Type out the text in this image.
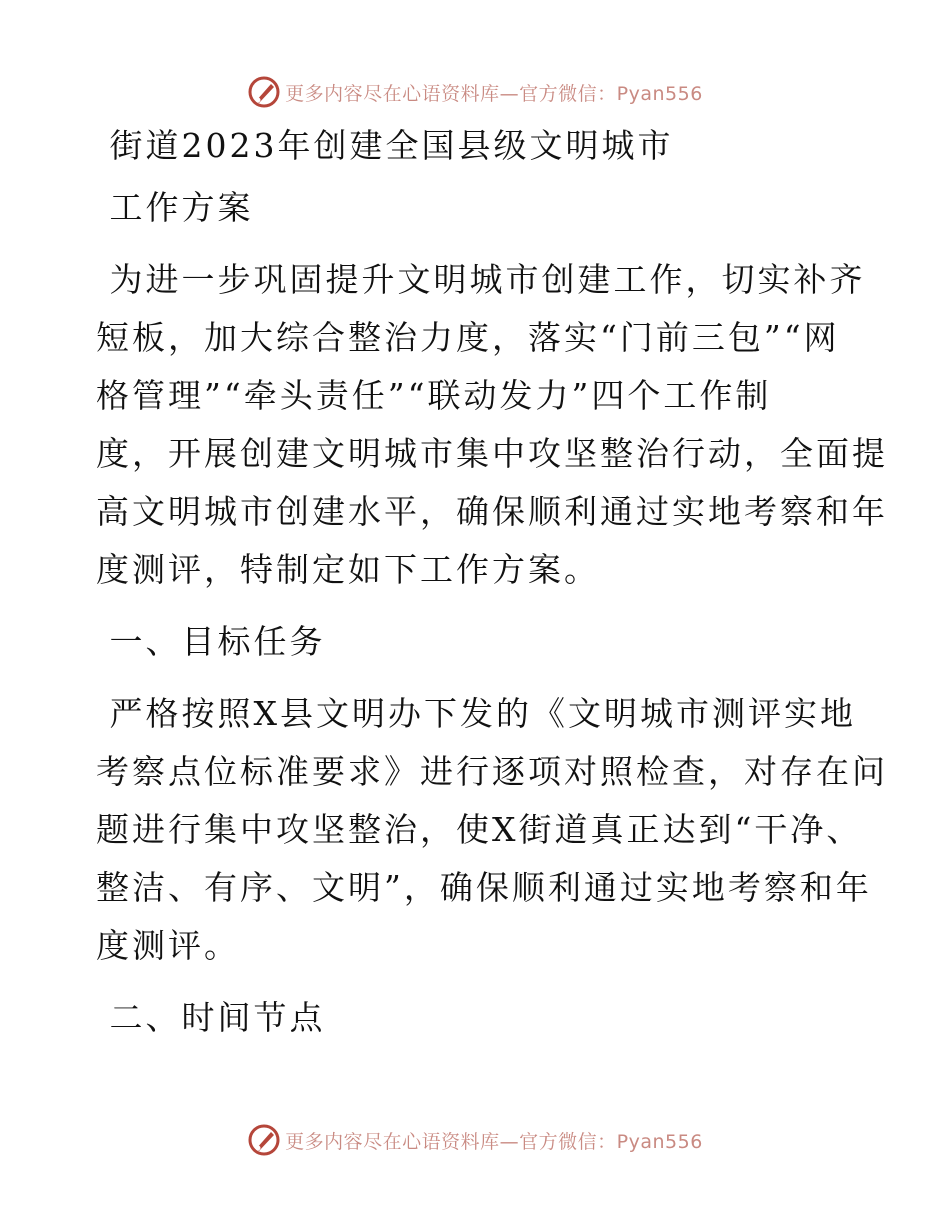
更多内容尽在心语资料库—官方微信：Pyan556

街道2023年创建全国县级文明城市

工作方案

为进一步巩固提升文明城市创建工作，切实补齐

短板，加大综合整治力度，落实“门前三包”“网

格管理”“牵头责任”“联动发力”四个工作制

度，开展创建文明城市集中攻坚整治行动，全面提

高文明城市创建水平，确保顺利通过实地考察和年

度测评，特制定如下工作方案。

一、目标任务

严格按照X县文明办下发的《文明城市测评实地

考察点位标准要求》进行逐项对照检查，对存在问

题进行集中攻坚整治，使X街道真正达到“干净、

整洁、有序、文明”，确保顺利通过实地考察和年

度测评。

二、时间节点

更多内容尽在心语资料库—官方微信：Pyan556
